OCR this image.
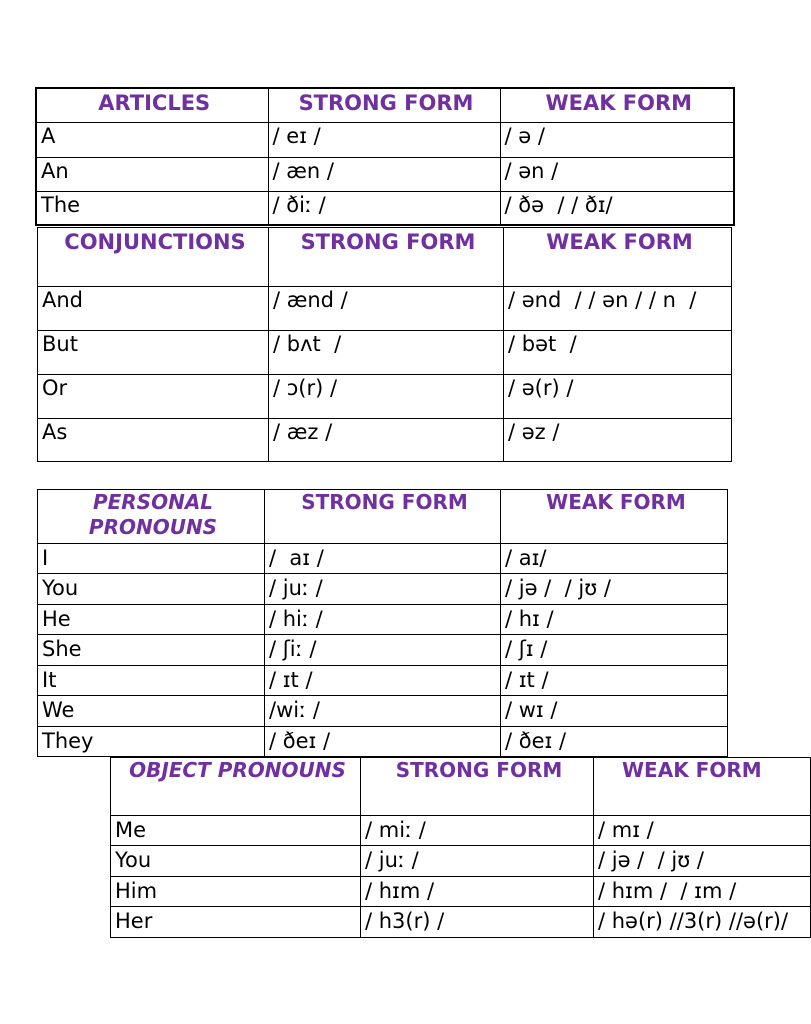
ARTICLES	STRONG FORM	WEAK FORM
A	/ eɪ /	/ ə /
An	/ æn /	/ ən /
The	/ ðiː /	/ ðə  / / ðɪ/
CONJUNCTIONS	STRONG FORM	WEAK FORM
And	/ ænd /	/ ənd  / / ən / / n  /
But	/ bʌt  /	/ bət  /
Or	/ ɔ(r) /	/ ə(r) /
As	/ æz /	/ əz /
PERSONAL PRONOUNS	STRONG FORM	WEAK FORM
I	/  aɪ /	/ aɪ/
You	/ juː /	/ jə /  / jʊ /
He	/ hiː /	/ hɪ /
She	/ ʃiː /	/ ʃɪ /
It	/ ɪt /	/ ɪt /
We	/wiː /	/ wɪ /
They	/ ðeɪ /	/ ðeɪ /
OBJECT PRONOUNS	STRONG FORM	WEAK FORM
Me	/ miː /	/ mɪ /
You	/ juː /	/ jə /  / jʊ /
Him	/ hɪm /	/ hɪm /  / ɪm /
Her	/ h3(r) /	/ hə(r) //3(r) //ə(r)/
